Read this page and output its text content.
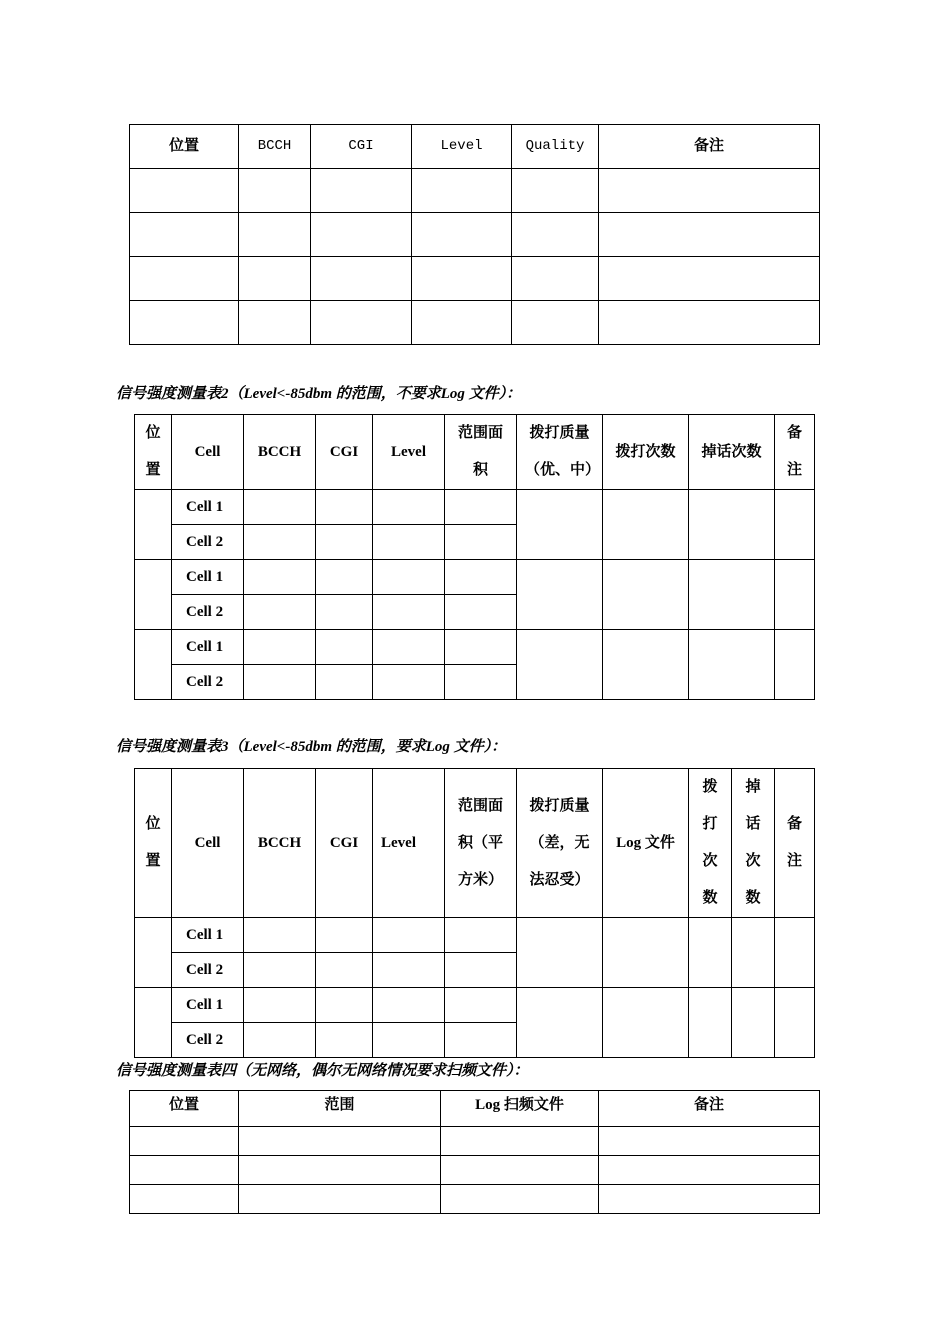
位置	BCCH	CGI	Level	Quality	备注

信号强度测量表2（Level<-85dbm 的范围，不要求Log 文件）：
位置	Cell	BCCH	CGI	Level	范围面积	拨打质量（优、中）	拨打次数	掉话次数	备注
	Cell 1								
	Cell 2								
	Cell 1								
	Cell 2								
	Cell 1								
	Cell 2								
信号强度测量表3（Level<-85dbm 的范围，要求Log 文件）：
位置	Cell	BCCH	CGI	Level	范围面积（平方米）	拨打质量（差，无法忍受）	Log 文件	拨打次数	掉话次数	备注
	Cell 1									
	Cell 2									
	Cell 1									
	Cell 2									
信号强度测量表四（无网络，偶尔无网络情况要求扫频文件）：
位置	范围	Log 扫频文件	备注
